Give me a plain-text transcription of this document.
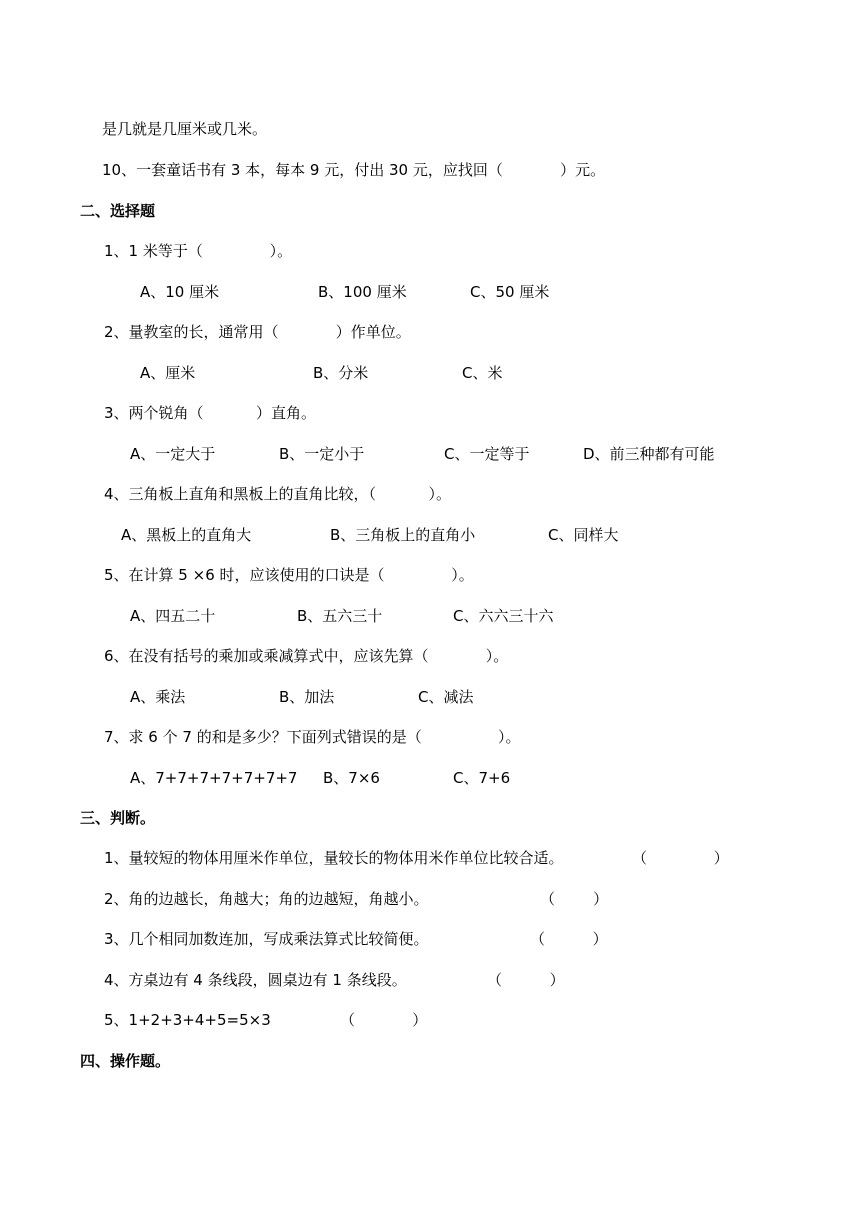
是几就是几厘米或几米。
10、一套童话书有 3 本，每本 9 元，付出 30 元，应找回（            ）元。
二、选择题
1、1 米等于（              ）。
A、10 厘米	B、100 厘米	C、50 厘米
2、量教室的长，通常用（            ）作单位。
A、厘米	B、分米	C、米
3、两个锐角（           ）直角。
A、一定大于	B、一定小于	C、一定等于	D、前三种都有可能
4、三角板上直角和黑板上的直角比较，（           ）。
A、黑板上的直角大	B、三角板上的直角小	C、同样大
5、在计算 5 ×6 时，应该使用的口诀是（              ）。
A、四五二十	B、五六三十	C、六六三十六
6、在没有括号的乘加或乘减算式中，应该先算（            ）。
A、乘法	B、加法	C、减法
7、求 6 个 7 的和是多少？下面列式错误的是（                ）。
A、7+7+7+7+7+7+7 B、7×6	C、7+6
三、判断。
1、量较短的物体用厘米作单位，量较长的物体用米作单位比较合适。	（              ）
2、角的边越长，角越大；角的边越短，角越小。	（        ）
3、几个相同加数连加，写成乘法算式比较简便。	（          ）
4、方桌边有 4 条线段，圆桌边有 1 条线段。	（          ）
5、1+2+3+4+5=5×3	（            ）
四、操作题。
